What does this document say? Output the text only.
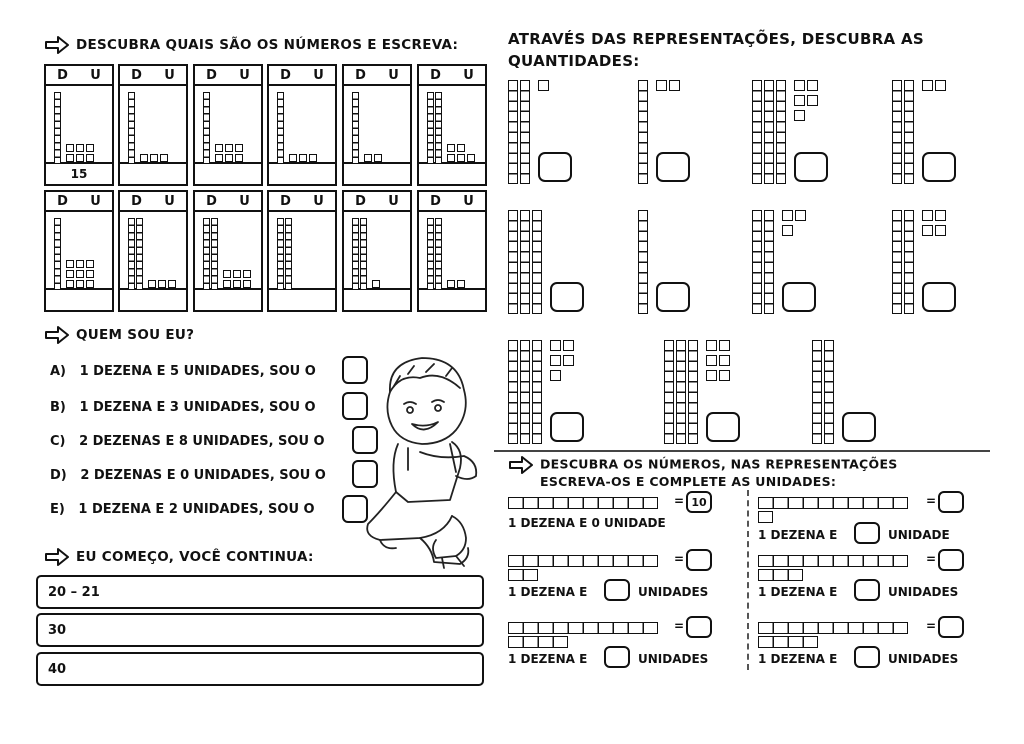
DESCUBRA QUAIS SÃO OS NÚMEROS E ESCREVA:
D U
15
D U D U D U D U D U
D U D U D U D U D U D U
QUEM SOU EU?
A) 1 DEZENA E 5 UNIDADES, SOU O
B) 1 DEZENA E 3 UNIDADES, SOU O
C) 2 DEZENAS E 8 UNIDADES, SOU O
D) 2 DEZENAS E 0 UNIDADES, SOU O
E) 1 DEZENA E 2 UNIDADES, SOU O
EU COMEÇO, VOCÊ CONTINUA:
20 – 21
30
40
ATRAVÉS DAS REPRESENTAÇÕES, DESCUBRA AS
QUANTIDADES:
DESCUBRA OS NÚMEROS, NAS REPRESENTAÇÕES
ESCREVA-OS E COMPLETE AS UNIDADES:
= 10
=
1 DEZENA E	UNIDADES
=
1 DEZENA E	UNIDADES
=
1 DEZENA E	UNIDADE
=
1 DEZENA E	UNIDADES
=
1 DEZENA E	UNIDADES
1 DEZENA E 0 UNIDADE
